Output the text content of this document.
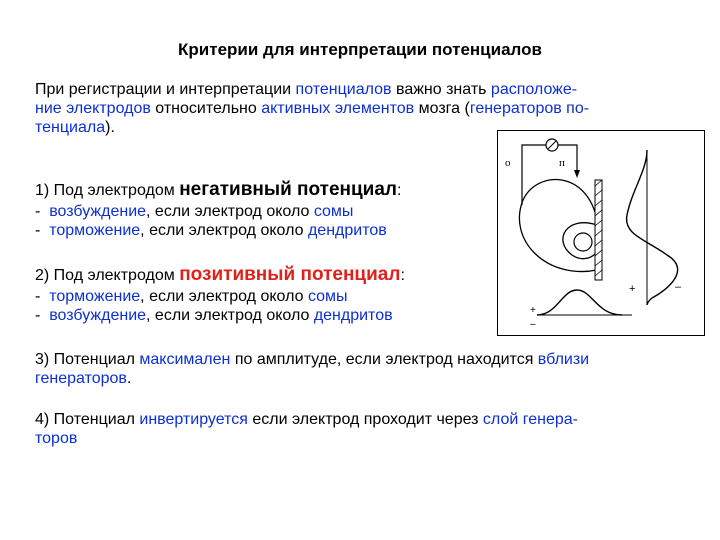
Критерии для интерпретации потенциалов
При регистрации и интерпретации потенциалов важно знать расположе-
ние электродов относительно активных элементов мозга (генераторов по-
тенциала).
1) Под электродом негативный потенциал:
-  возбуждение, если электрод около сомы
-  торможение, если электрод около дендритов
2) Под электродом позитивный потенциал:
-  торможение, если электрод около сомы
-  возбуждение, если электрод около дендритов
3) Потенциал максимален по амплитуде, если электрод находится вблизи
генераторов.
4) Потенциал инвертируется если электрод проходит через слой генера-
торов
о	п
+	–
+
–
